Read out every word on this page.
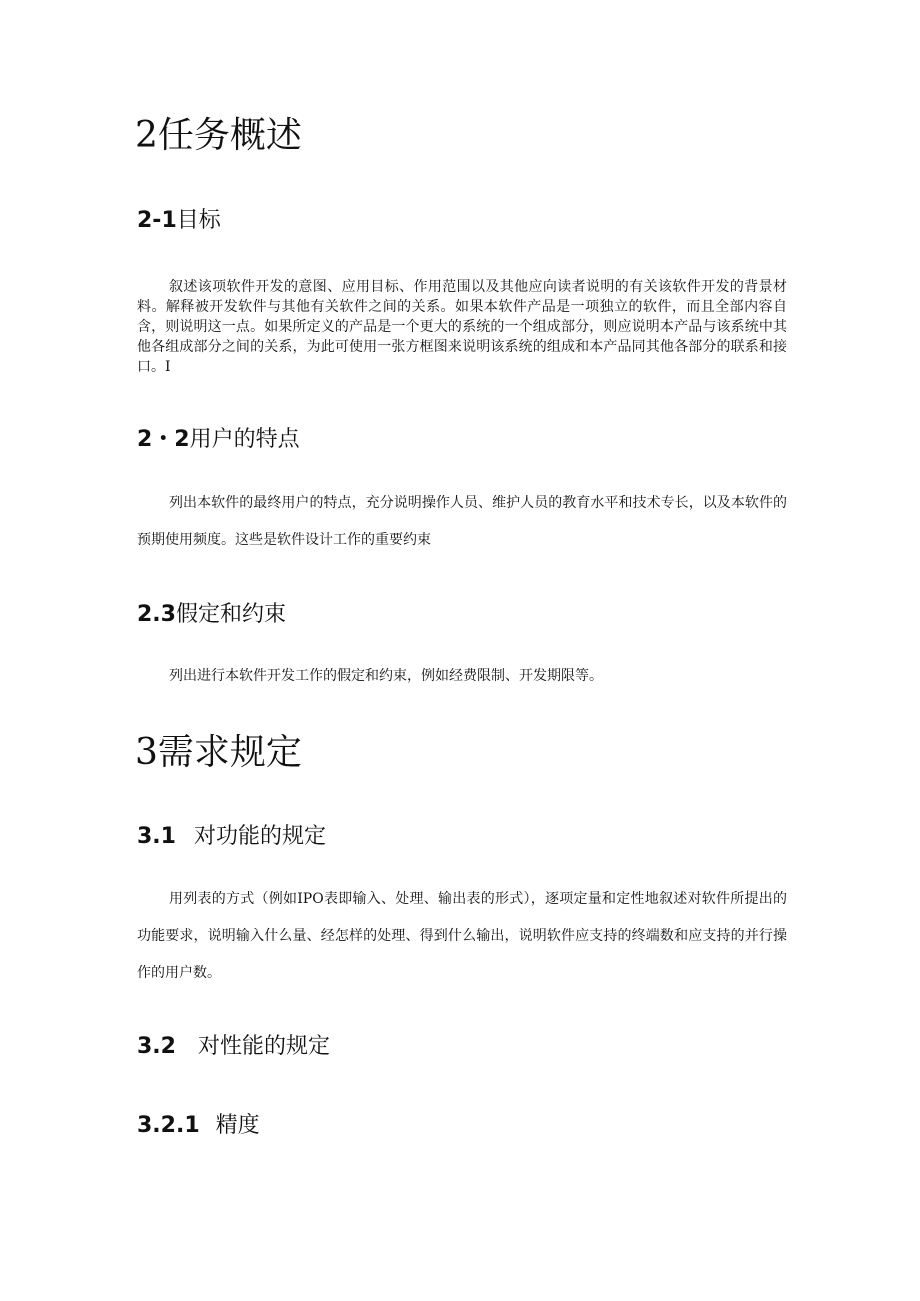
2任务概述
2-1目标

叙述该项软件开发的意图、应用目标、作用范围以及其他应向读者说明的有关该软件开发的背景材料。解释被开发软件与其他有关软件之间的关系。如果本软件产品是一项独立的软件，而且全部内容自含，则说明这一点。如果所定义的产品是一个更大的系统的一个组成部分，则应说明本产品与该系统中其他各组成部分之间的关系，为此可使用一张方框图来说明该系统的组成和本产品同其他各部分的联系和接口。I

2・2用户的特点

列出本软件的最终用户的特点，充分说明操作人员、维护人员的教育水平和技术专长，以及本软件的预期使用频度。这些是软件设计工作的重要约束

2.3假定和约束

列出进行本软件开发工作的假定和约束，例如经费限制、开发期限等。

3需求规定
3.1 对功能的规定

用列表的方式（例如IPO表即输入、处理、输出表的形式），逐项定量和定性地叙述对软件所提出的功能要求，说明输入什么量、经怎样的处理、得到什么输出，说明软件应支持的终端数和应支持的并行操作的用户数。

3.2 对性能的规定
3.2.1 精度
